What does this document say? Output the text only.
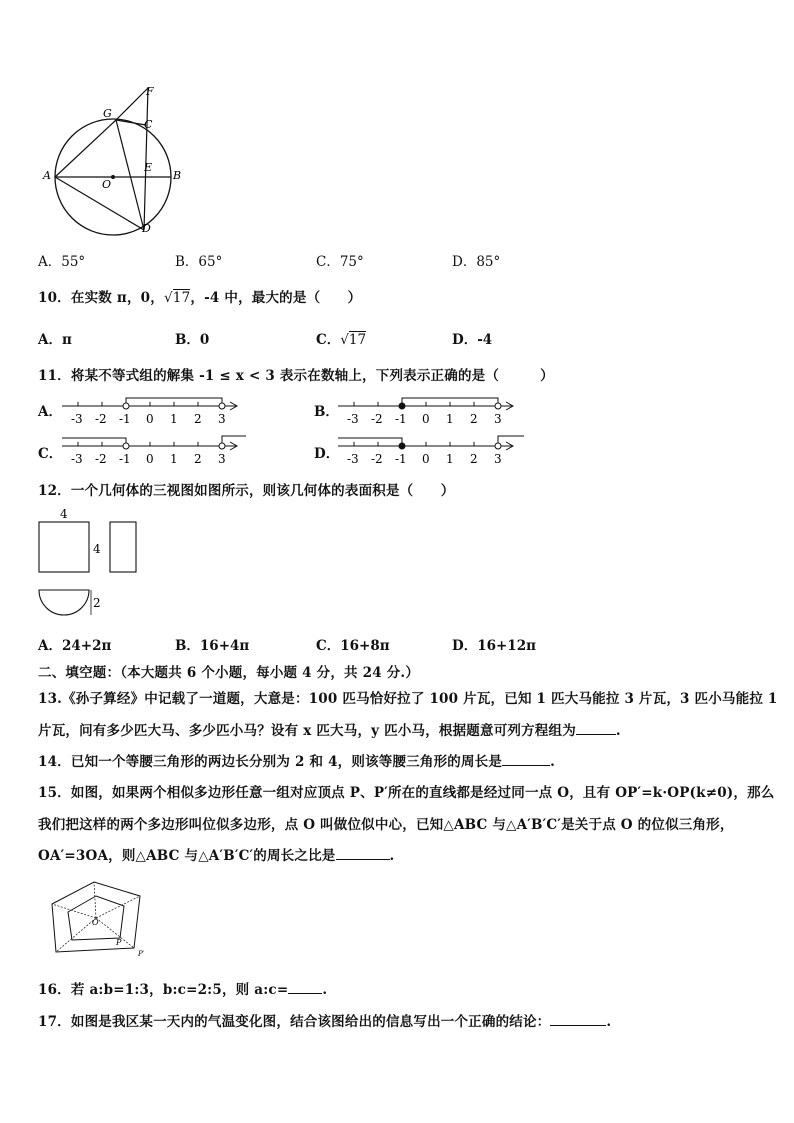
F
G
C
E
A
O
B
D
A．55°	B．65°	C．75°	D．85°
10．在实数 π，0，√17，-4 中，最大的是（　　）
A．π	B．0	C．√17	D．-4
11．将某不等式组的解集 -1 ≤ x < 3 表示在数轴上，下列表示正确的是（　　　）
A．	B．
C．	D．
-3 -2 -1 0 1 2 3	-3 -2 -1 0 1 2 3
-3 -2 -1 0 1 2 3	-3 -2 -1 0 1 2 3
12．一个几何体的三视图如图所示，则该几何体的表面积是（　　）
4
4
2
A．24+2π	B．16+4π	C．16+8π	D．16+12π
二、填空题：（本大题共 6 个小题，每小题 4 分，共 24 分.）
13.《孙子算经》中记载了一道题，大意是：100 匹马恰好拉了 100 片瓦，已知 1 匹大马能拉 3 片瓦，3 匹小马能拉 1
片瓦，问有多少匹大马、多少匹小马？设有 x 匹大马，y 匹小马，根据题意可列方程组为	.
14．已知一个等腰三角形的两边长分别为 2 和 4，则该等腰三角形的周长是	.
15．如图，如果两个相似多边形任意一组对应顶点 P、P′所在的直线都是经过同一点 O，且有 OP′=k·OP(k≠0)，那么
我们把这样的两个多边形叫位似多边形，点 O 叫做位似中心，已知△ABC 与△A′B′C′是关于点 O 的位似三角形，
OA′=3OA，则△ABC 与△A′B′C′的周长之比是	.
O
P
P′
16．若 a:b=1:3，b:c=2:5，则 a:c=	.
17．如图是我区某一天内的气温变化图，结合该图给出的信息写出一个正确的结论：	.
